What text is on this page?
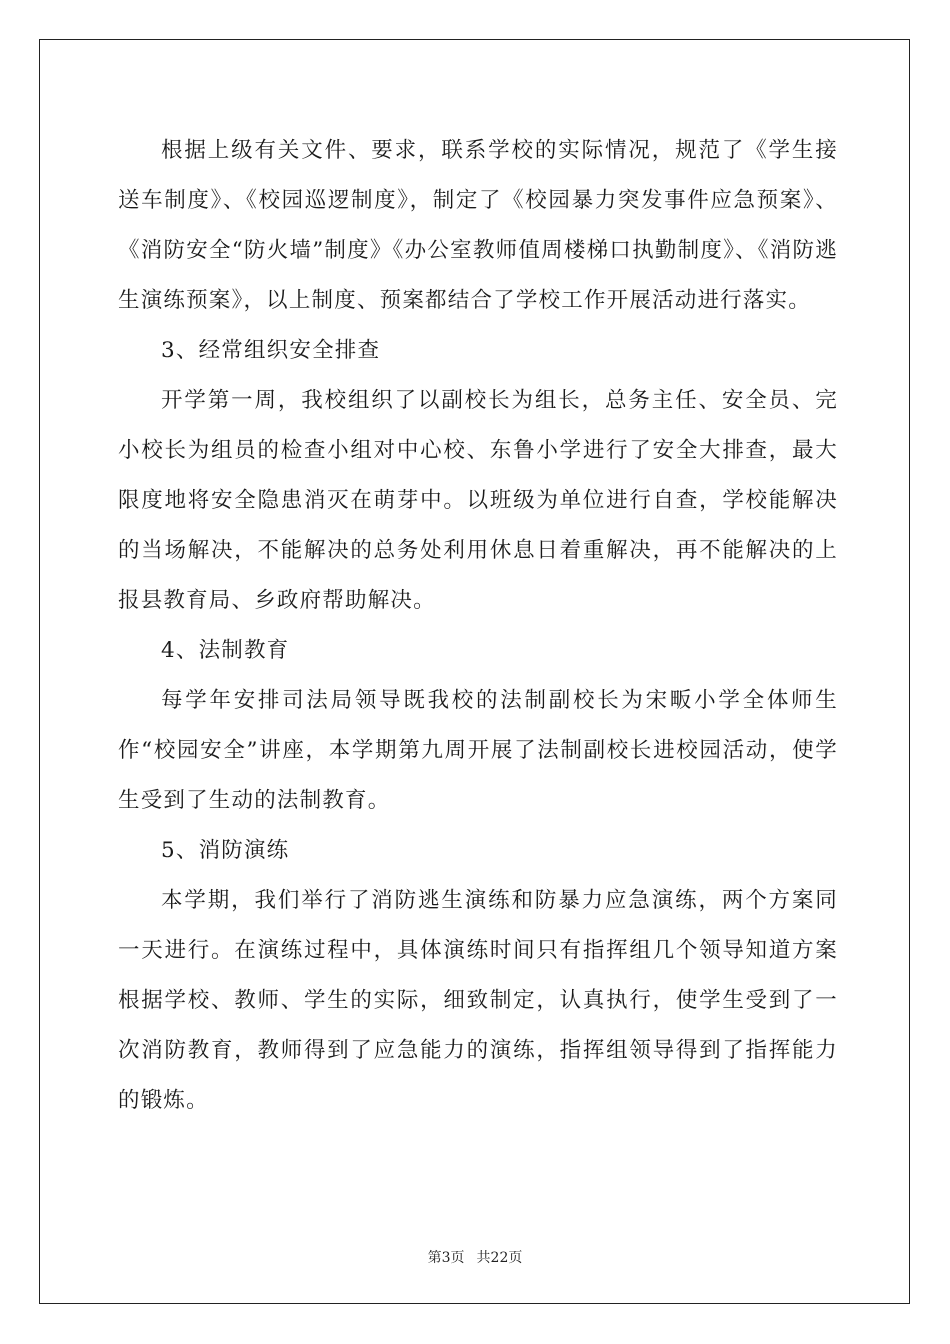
根据上级有关文件、要求，联系学校的实际情况，规范了《学生接送车制度》、《校园巡逻制度》，制定了《校园暴力突发事件应急预案》、《消防安全“防火墙”制度》《办公室教师值周楼梯口执勤制度》、《消防逃生演练预案》，以上制度、预案都结合了学校工作开展活动进行落实。

3、经常组织安全排查

开学第一周，我校组织了以副校长为组长，总务主任、安全员、完小校长为组员的检查小组对中心校、东鲁小学进行了安全大排查，最大限度地将安全隐患消灭在萌芽中。以班级为单位进行自查，学校能解决的当场解决，不能解决的总务处利用休息日着重解决，再不能解决的上报县教育局、乡政府帮助解决。

4、法制教育

每学年安排司法局领导既我校的法制副校长为宋畈小学全体师生作“校园安全”讲座，本学期第九周开展了法制副校长进校园活动，使学生受到了生动的法制教育。

5、消防演练

本学期，我们举行了消防逃生演练和防暴力应急演练，两个方案同一天进行。在演练过程中，具体演练时间只有指挥组几个领导知道方案根据学校、教师、学生的实际，细致制定，认真执行，使学生受到了一次消防教育，教师得到了应急能力的演练，指挥组领导得到了指挥能力的锻炼。

第3页 共22页
